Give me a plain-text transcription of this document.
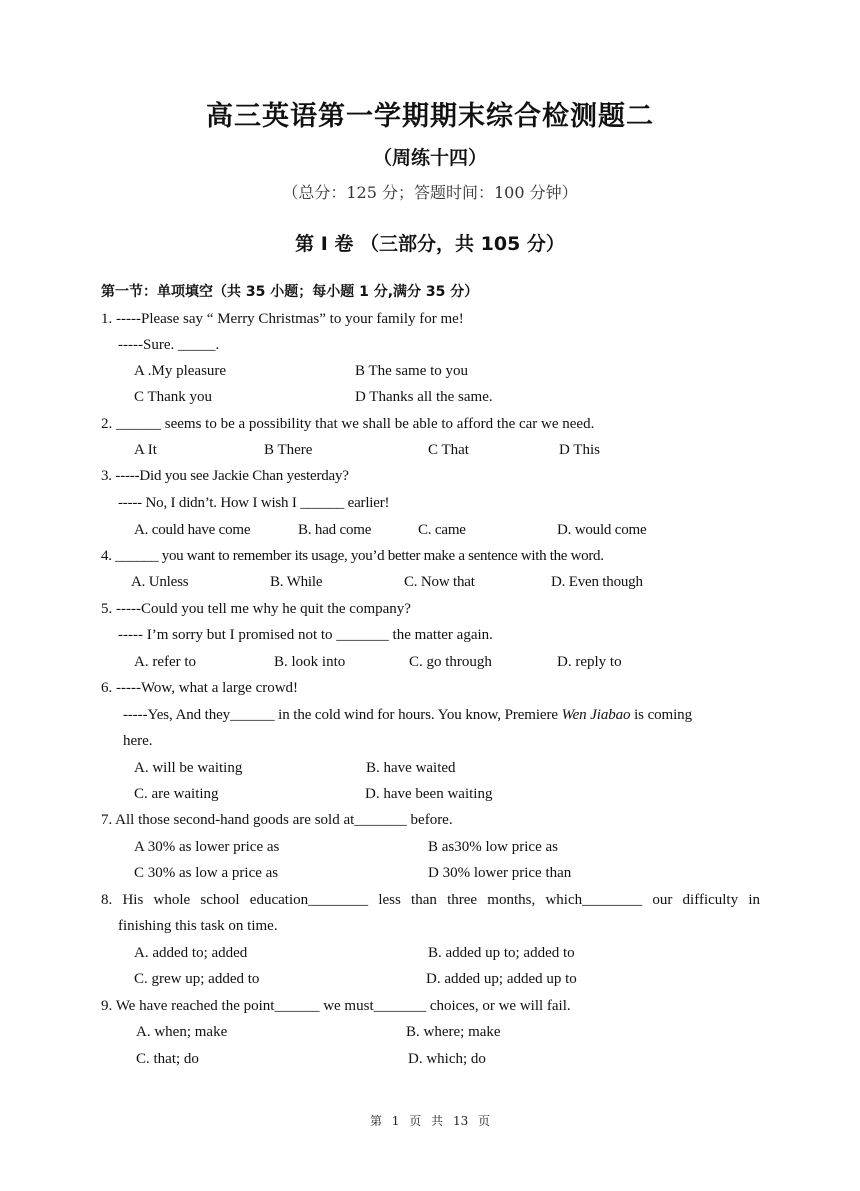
高三英语第一学期期末综合检测题二
（周练十四）
（总分：125 分；答题时间：100 分钟）
第 I 卷 （三部分，共 105 分）
第一节：单项填空（共 35 小题；每小题 1 分,满分 35 分）
1. -----Please say “ Merry Christmas” to your family for me!
-----Sure. _____.
A .My pleasure	B The same to you
C Thank you	D Thanks all the same.
2. ______ seems to be a possibility that we shall be able to afford the car we need.
A It	B There	C That	D This
3. -----Did you see Jackie Chan yesterday?
----- No, I didn’t. How I wish I ______ earlier!
A. could have come	B. had come	C. came	D. would come
4. ______ you want to remember its usage, you’d better make a sentence with the word.
A. Unless	B. While	C. Now that	D. Even though
5. -----Could you tell me why he quit the company?
----- I’m sorry but I promised not to _______ the matter again.
A. refer to	B. look into	C. go through	D. reply to
6. -----Wow, what a large crowd!
-----Yes, And they______ in the cold wind for hours. You know, Premiere Wen Jiabao is coming
here.
A. will be waiting	B. have waited
C. are waiting	D. have been waiting
7. All those second-hand goods are sold at_______ before.
A 30% as lower price as	B as30% low price as
C 30% as low a price as	D 30% lower price than
8. His whole school education________ less than three months, which________ our difficulty in
finishing this task on time.
A. added to; added	B. added up to; added to
C. grew up; added to	D. added up; added up to
9. We have reached the point______ we must_______ choices, or we will fail.
A. when; make	B. where; make
C. that; do	D. which; do
第 1 页 共 13 页
